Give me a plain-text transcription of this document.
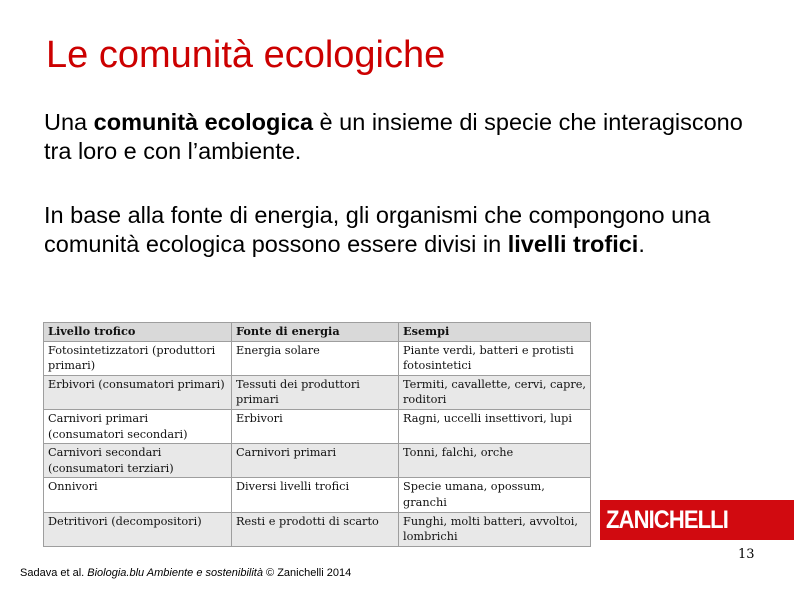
Le comunità ecologiche
Una comunità ecologica è un insieme di specie che interagiscono tra loro e con l’ambiente.
In base alla fonte di energia, gli organismi che compongono una comunità ecologica possono essere divisi in livelli trofici.
Livello trofico	Fonte di energia	Esempi
Fotosintetizzatori (produttori primari)	Energia solare	Piante verdi, batteri e protisti fotosintetici
Erbivori (consumatori primari)	Tessuti dei produttori primari	Termiti, cavallette, cervi, capre, roditori
Carnivori primari (consumatori secondari)	Erbivori	Ragni, uccelli insettivori, lupi
Carnivori secondari (consumatori terziari)	Carnivori primari	Tonni, falchi, orche
Onnivori	Diversi livelli trofici	Specie umana, opossum, granchi
Detritivori (decompositori)	Resti e prodotti di scarto	Funghi, molti batteri, avvoltoi, lombrichi
ZANICHELLI
13
Sadava et al. Biologia.blu Ambiente e sostenibilità © Zanichelli 2014
